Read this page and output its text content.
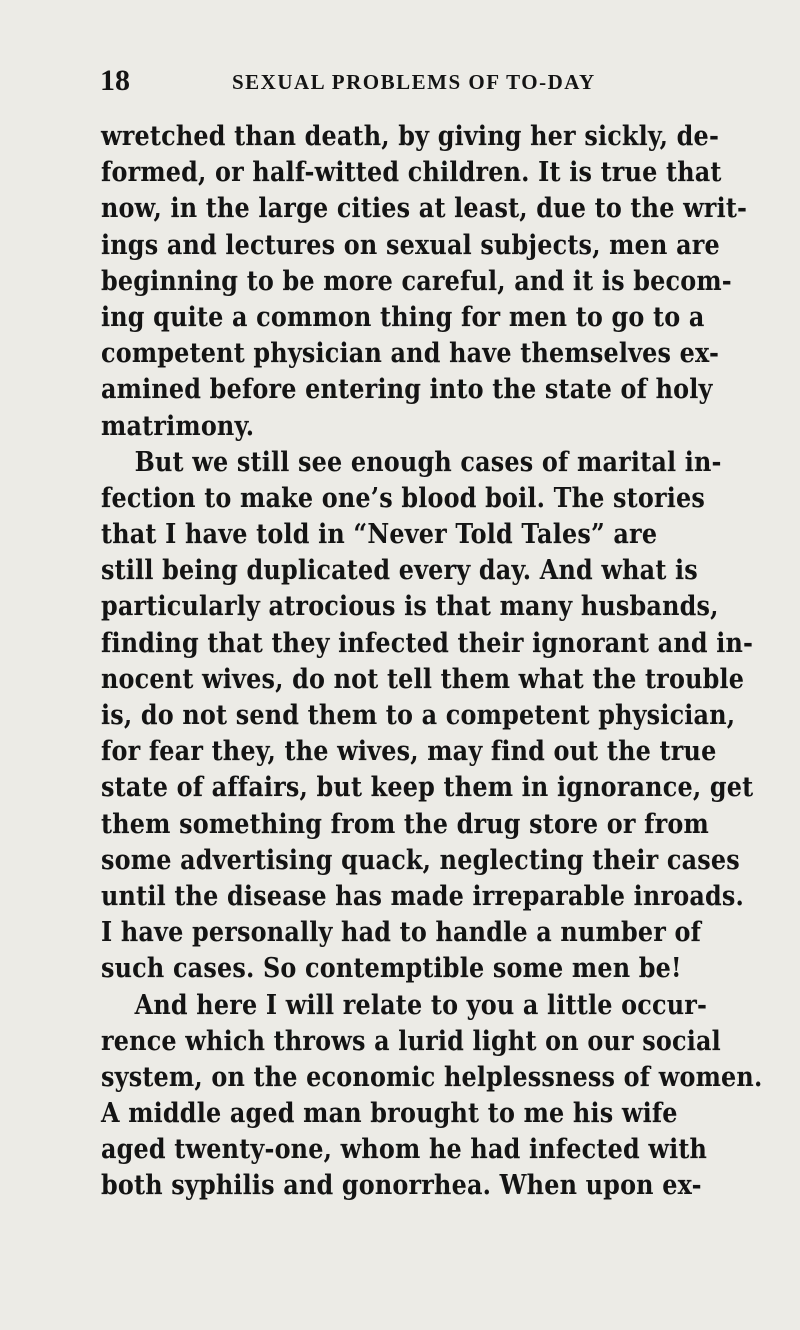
18	SEXUAL PROBLEMS OF TO-DAY
wretched than death, by giving her sickly, de-
formed, or half-witted children. It is true that
now, in the large cities at least, due to the writ-
ings and lectures on sexual subjects, men are
beginning to be more careful, and it is becom-
ing quite a common thing for men to go to a
competent physician and have themselves ex-
amined before entering into the state of holy
matrimony.
But we still see enough cases of marital in-
fection to make one’s blood boil. The stories
that I have told in “Never Told Tales” are
still being duplicated every day. And what is
particularly atrocious is that many husbands,
finding that they infected their ignorant and in-
nocent wives, do not tell them what the trouble
is, do not send them to a competent physician,
for fear they, the wives, may find out the true
state of affairs, but keep them in ignorance, get
them something from the drug store or from
some advertising quack, neglecting their cases
until the disease has made irreparable inroads.
I have personally had to handle a number of
such cases. So contemptible some men be!
And here I will relate to you a little occur-
rence which throws a lurid light on our social
system, on the economic helplessness of women.
A middle aged man brought to me his wife
aged twenty-one, whom he had infected with
both syphilis and gonorrhea. When upon ex-
